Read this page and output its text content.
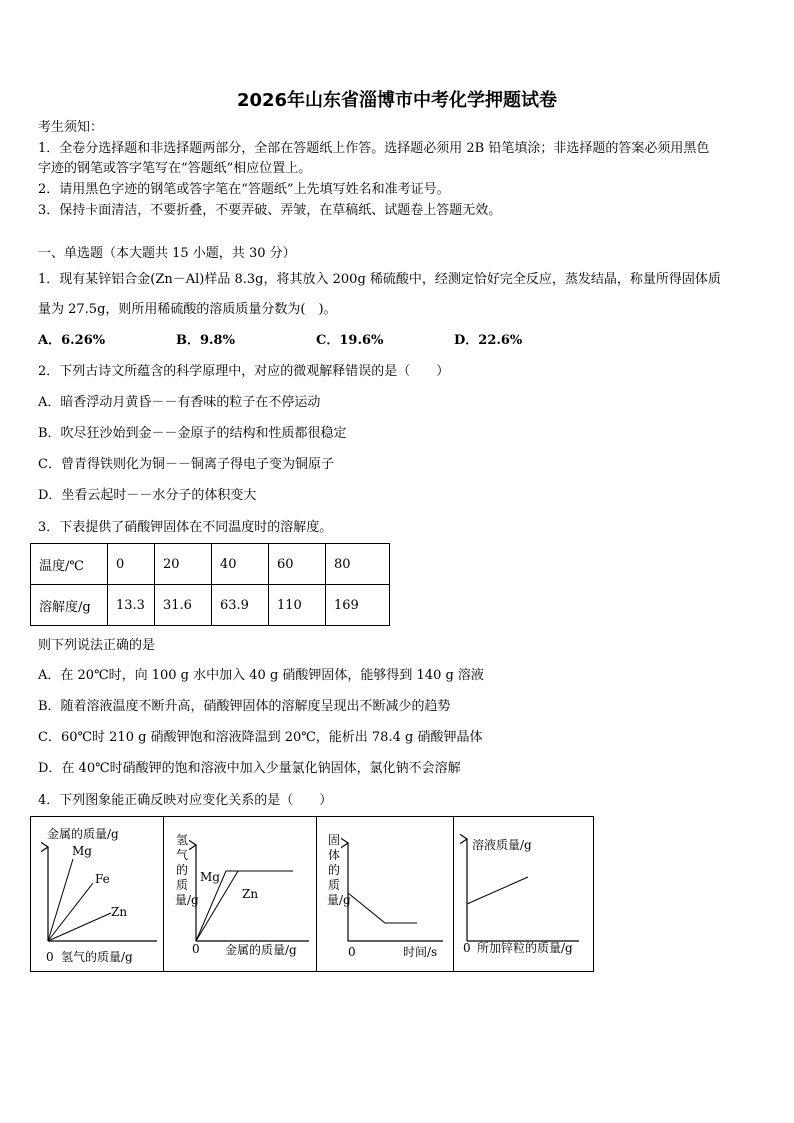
2026年山东省淄博市中考化学押题试卷
考生须知：
1．全卷分选择题和非选择题两部分，全部在答题纸上作答。选择题必须用 2B 铅笔填涂；非选择题的答案必须用黑色
字迹的钢笔或答字笔写在“答题纸”相应位置上。
2．请用黑色字迹的钢笔或答字笔在“答题纸”上先填写姓名和准考证号。
3．保持卡面清洁，不要折叠，不要弄破、弄皱，在草稿纸、试题卷上答题无效。
一、单选题（本大题共 15 小题，共 30 分）
1．现有某锌铝合金(Zn－Al)样品 8.3g，将其放入 200g 稀硫酸中，经测定恰好完全反应，蒸发结晶，称量所得固体质
量为 27.5g，则所用稀硫酸的溶质质量分数为(　)。
A．6.26%	B．9.8%	C．19.6%	D．22.6%
2．下列古诗文所蕴含的科学原理中，对应的微观解释错误的是（　　）
A．暗香浮动月黄昏－－有香味的粒子在不停运动
B．吹尽狂沙始到金－－金原子的结构和性质都很稳定
C．曾青得铁则化为铜－－铜离子得电子变为铜原子
D．坐看云起时－－水分子的体积变大
3．下表提供了硝酸钾固体在不同温度时的溶解度。
温度/℃	0	20	40	60	80
溶解度/g	13.3	31.6	63.9	110	169
则下列说法正确的是
A．在 20℃时，向 100 g 水中加入 40 g 硝酸钾固体，能够得到 140 g 溶液
B．随着溶液温度不断升高，硝酸钾固体的溶解度呈现出不断减少的趋势
C．60℃时 210 g 硝酸钾饱和溶液降温到 20℃，能析出 78.4 g 硝酸钾晶体
D．在 40℃时硝酸钾的饱和溶液中加入少量氯化钠固体，氯化钠不会溶解
4．下列图象能正确反映对应变化关系的是（　　）
金属的质量/g
Mg
Fe
Zn
0 氢气的质量/g
氢气的质量/g
Mg
Zn
0 金属的质量/g
固体的质量/g
0	时间/s
溶液质量/g
0 所加锌粒的质量/g
